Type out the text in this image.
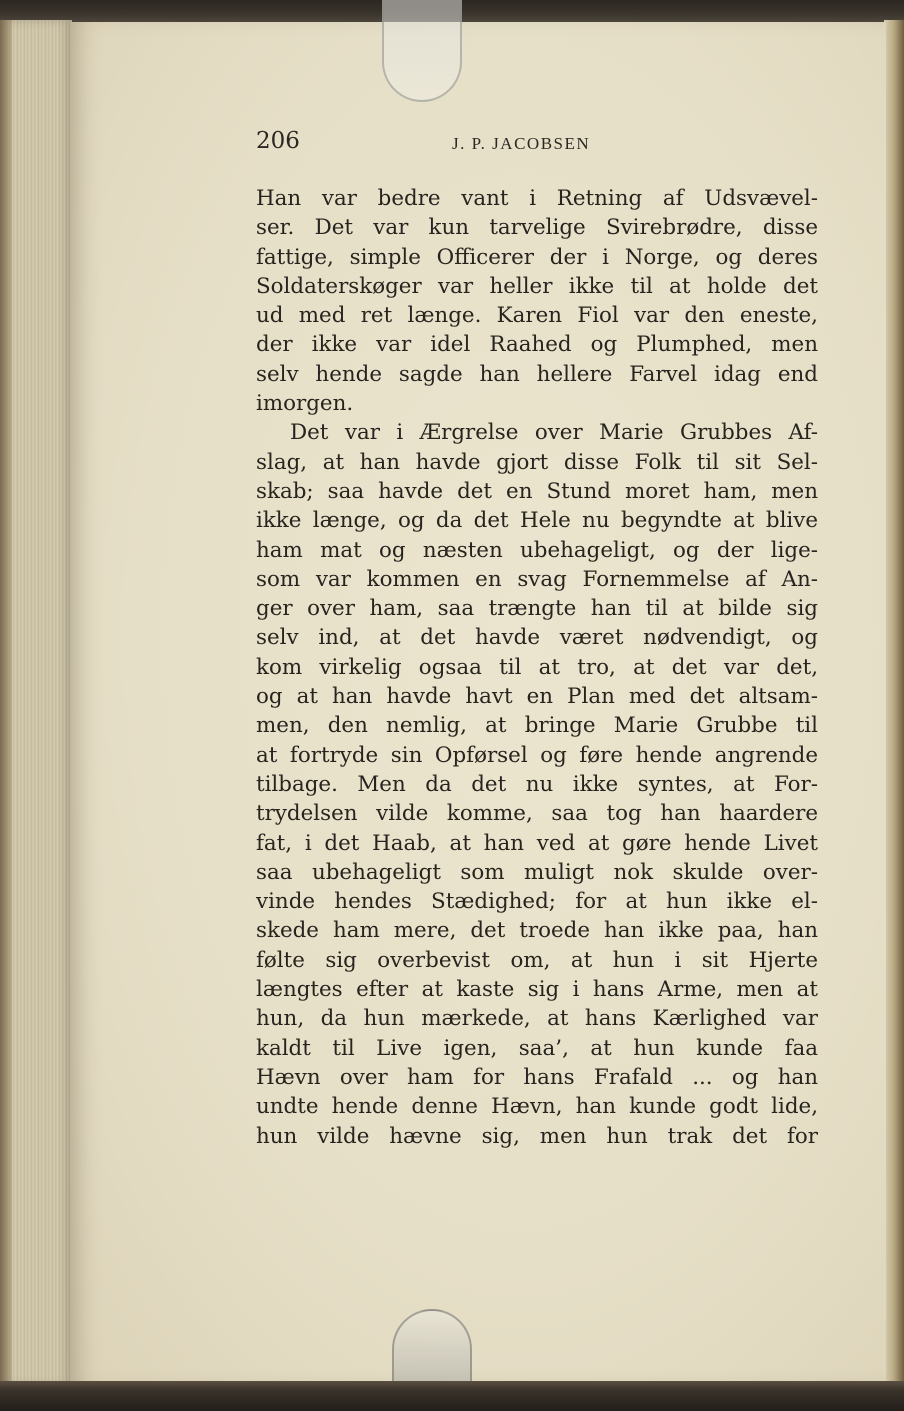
206	J. P. JACOBSEN
Han var bedre vant i Retning af Udsvævel-
ser. Det var kun tarvelige Svirebrødre, disse
fattige, simple Officerer der i Norge, og deres
Soldaterskøger var heller ikke til at holde det
ud med ret længe. Karen Fiol var den eneste,
der ikke var idel Raahed og Plumphed, men
selv hende sagde han hellere Farvel idag end
imorgen.
Det var i Ærgrelse over Marie Grubbes Af-
slag, at han havde gjort disse Folk til sit Sel-
skab; saa havde det en Stund moret ham, men
ikke længe, og da det Hele nu begyndte at blive
ham mat og næsten ubehageligt, og der lige-
som var kommen en svag Fornemmelse af An-
ger over ham, saa trængte han til at bilde sig
selv ind, at det havde været nødvendigt, og
kom virkelig ogsaa til at tro, at det var det,
og at han havde havt en Plan med det altsam-
men, den nemlig, at bringe Marie Grubbe til
at fortryde sin Opførsel og føre hende angrende
tilbage. Men da det nu ikke syntes, at For-
trydelsen vilde komme, saa tog han haardere
fat, i det Haab, at han ved at gøre hende Livet
saa ubehageligt som muligt nok skulde over-
vinde hendes Stædighed; for at hun ikke el-
skede ham mere, det troede han ikke paa, han
følte sig overbevist om, at hun i sit Hjerte
længtes efter at kaste sig i hans Arme, men at
hun, da hun mærkede, at hans Kærlighed var
kaldt til Live igen, saa’, at hun kunde faa
Hævn over ham for hans Frafald ... og han
undte hende denne Hævn, han kunde godt lide,
hun vilde hævne sig, men hun trak det for
